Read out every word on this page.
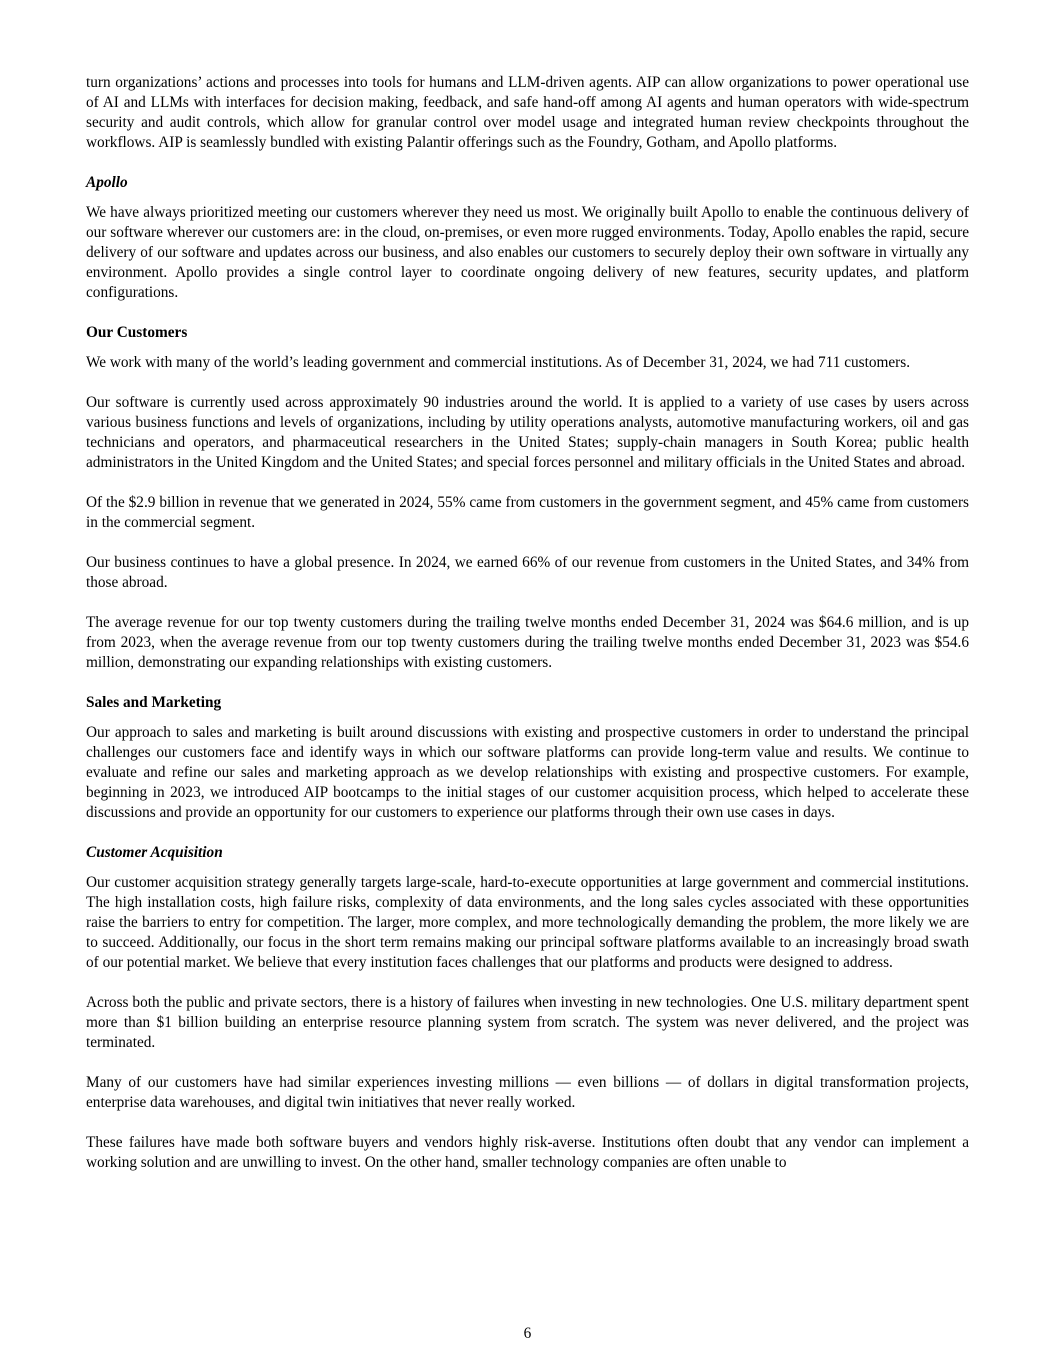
turn organizations’ actions and processes into tools for humans and LLM-driven agents. AIP can allow organizations to power operational use of AI and LLMs with interfaces for decision making, feedback, and safe hand-off among AI agents and human operators with wide-spectrum security and audit controls, which allow for granular control over model usage and integrated human review checkpoints throughout the workflows. AIP is seamlessly bundled with existing Palantir offerings such as the Foundry, Gotham, and Apollo platforms.

Apollo

We have always prioritized meeting our customers wherever they need us most. We originally built Apollo to enable the continuous delivery of our software wherever our customers are: in the cloud, on-premises, or even more rugged environments. Today, Apollo enables the rapid, secure delivery of our software and updates across our business, and also enables our customers to securely deploy their own software in virtually any environment. Apollo provides a single control layer to coordinate ongoing delivery of new features, security updates, and platform configurations.

Our Customers

We work with many of the world’s leading government and commercial institutions. As of December 31, 2024, we had 711 customers.

Our software is currently used across approximately 90 industries around the world. It is applied to a variety of use cases by users across various business functions and levels of organizations, including by utility operations analysts, automotive manufacturing workers, oil and gas technicians and operators, and pharmaceutical researchers in the United States; supply-chain managers in South Korea; public health administrators in the United Kingdom and the United States; and special forces personnel and military officials in the United States and abroad.

Of the $2.9 billion in revenue that we generated in 2024, 55% came from customers in the government segment, and 45% came from customers in the commercial segment.

Our business continues to have a global presence. In 2024, we earned 66% of our revenue from customers in the United States, and 34% from those abroad.

The average revenue for our top twenty customers during the trailing twelve months ended December 31, 2024 was $64.6 million, and is up from 2023, when the average revenue from our top twenty customers during the trailing twelve months ended December 31, 2023 was $54.6 million, demonstrating our expanding relationships with existing customers.

Sales and Marketing

Our approach to sales and marketing is built around discussions with existing and prospective customers in order to understand the principal challenges our customers face and identify ways in which our software platforms can provide long-term value and results. We continue to evaluate and refine our sales and marketing approach as we develop relationships with existing and prospective customers. For example, beginning in 2023, we introduced AIP bootcamps to the initial stages of our customer acquisition process, which helped to accelerate these discussions and provide an opportunity for our customers to experience our platforms through their own use cases in days.

Customer Acquisition

Our customer acquisition strategy generally targets large-scale, hard-to-execute opportunities at large government and commercial institutions. The high installation costs, high failure risks, complexity of data environments, and the long sales cycles associated with these opportunities raise the barriers to entry for competition. The larger, more complex, and more technologically demanding the problem, the more likely we are to succeed. Additionally, our focus in the short term remains making our principal software platforms available to an increasingly broad swath of our potential market. We believe that every institution faces challenges that our platforms and products were designed to address.

Across both the public and private sectors, there is a history of failures when investing in new technologies. One U.S. military department spent more than $1 billion building an enterprise resource planning system from scratch. The system was never delivered, and the project was terminated.

Many of our customers have had similar experiences investing millions — even billions — of dollars in digital transformation projects, enterprise data warehouses, and digital twin initiatives that never really worked.

These failures have made both software buyers and vendors highly risk-averse. Institutions often doubt that any vendor can implement a working solution and are unwilling to invest. On the other hand, smaller technology companies are often unable to

6
